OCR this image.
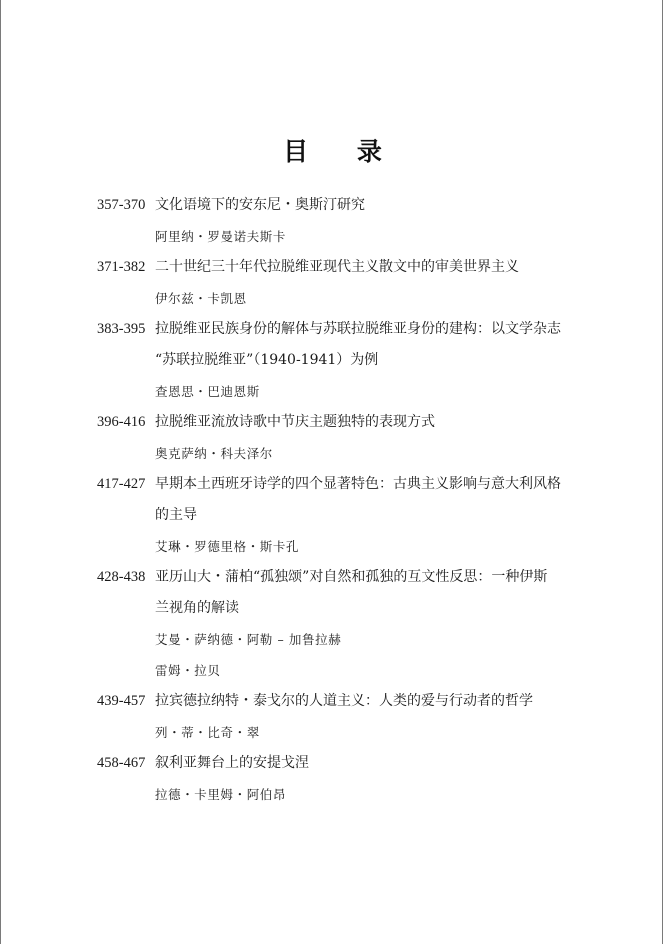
目 录
357-370 文化语境下的安东尼・奥斯汀研究
阿里纳・罗曼诺夫斯卡
371-382 二十世纪三十年代拉脱维亚现代主义散文中的审美世界主义
伊尔兹・卡凯恩
383-395 拉脱维亚民族身份的解体与苏联拉脱维亚身份的建构：以文学杂志
“苏联拉脱维亚”（1940-1941）为例
查恩思・巴迪恩斯
396-416 拉脱维亚流放诗歌中节庆主题独特的表现方式
奥克萨纳・科夫泽尔
417-427 早期本土西班牙诗学的四个显著特色：古典主义影响与意大利风格
的主导
艾琳・罗德里格・斯卡孔
428-438 亚历山大・蒲柏“孤独颂”对自然和孤独的互文性反思：一种伊斯
兰视角的解读
艾曼・萨纳德・阿勒 – 加鲁拉赫
雷姆・拉贝
439-457 拉宾德拉纳特・泰戈尔的人道主义：人类的爱与行动者的哲学
列・蒂・比奇・翠
458-467 叙利亚舞台上的安提戈涅
拉德・卡里姆・阿伯昂
